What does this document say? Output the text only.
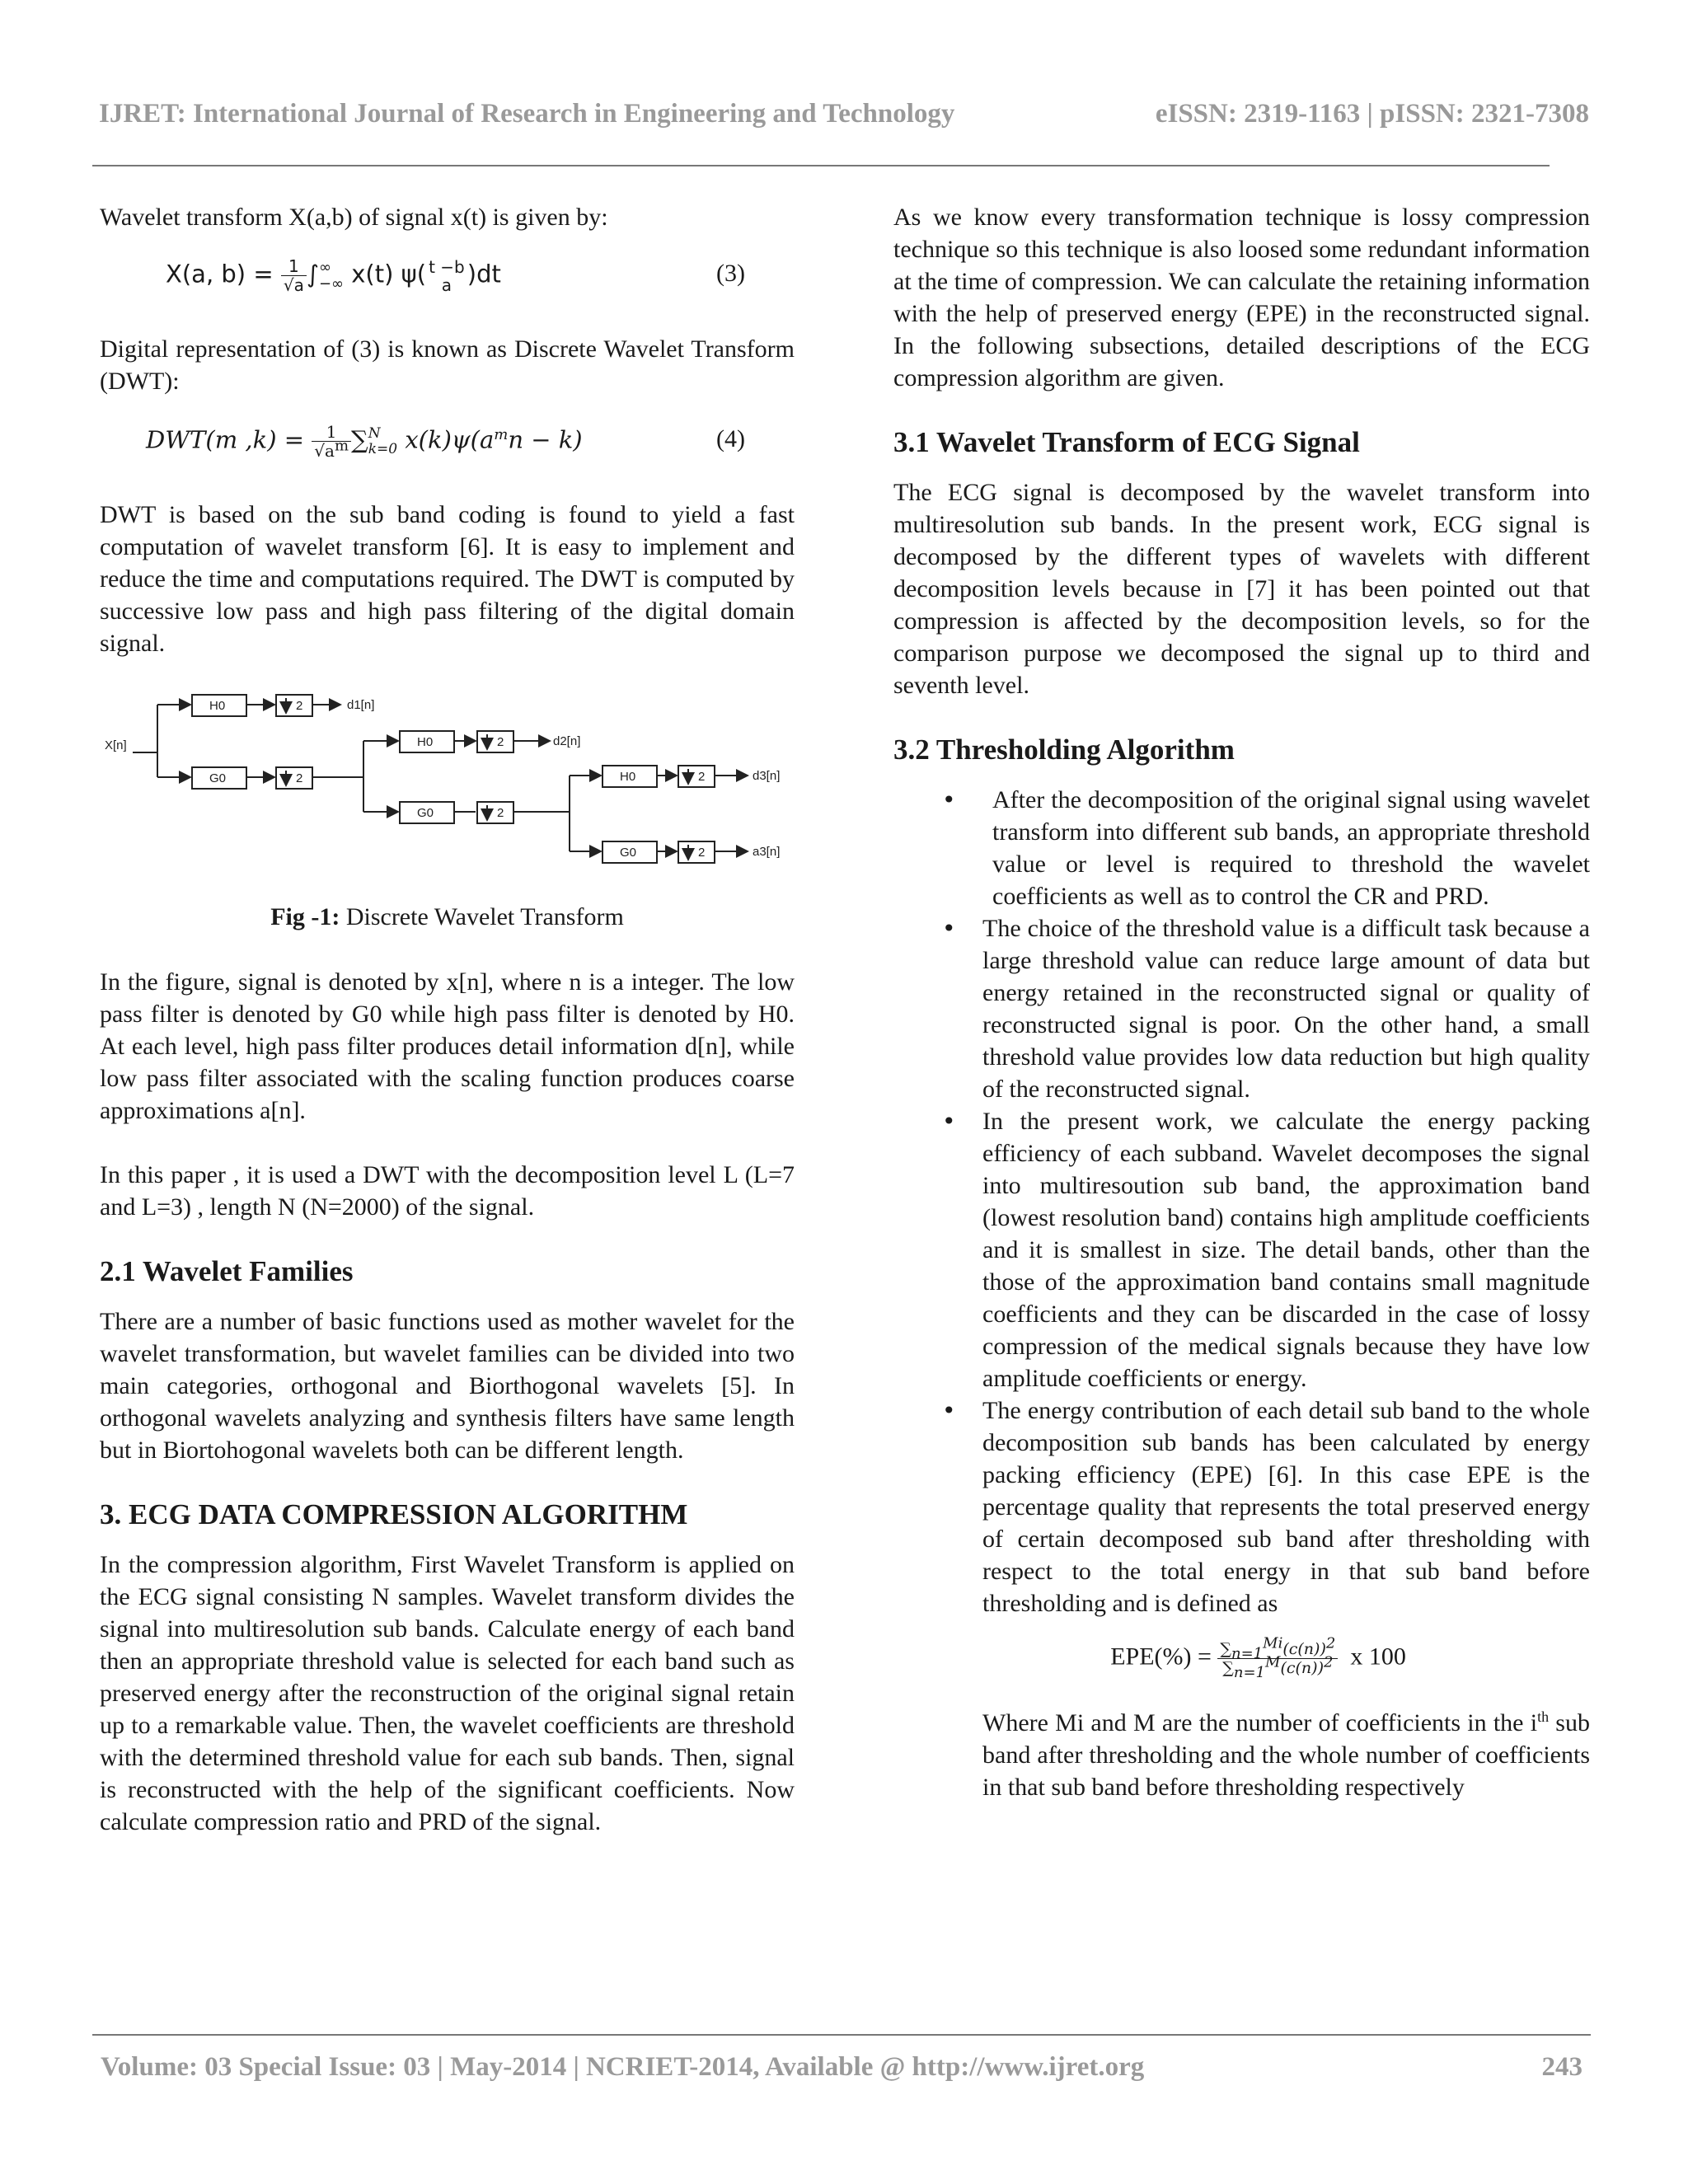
IJRET: International Journal of Research in Engineering and Technology	eISSN: 2319-1163 | pISSN: 2321-7308

Wavelet transform X(a,b) of signal x(t) is given by:

X(a, $b) = \frac{1}{√a}$ ∫ ∞
−∞ x(t) ψ( t −b
a )dt	(3)

Digital representation of (3) is known as Discrete Wavelet Transform (DWT):

DWT(m $,k) = \frac{1}{√a^m}$ ∑ N
k=0 $x(k)\psi(a^mn - k)$	(4)

DWT is based on the sub band coding is found to yield a fast computation of wavelet transform [6]. It is easy to implement and reduce the time and computations required. The DWT is computed by successive low pass and high pass filtering of the digital domain signal.

X[n]
H0
G0
H0
G0
H0
G0
2
2
2
2
2
2
d1[n]
d2[n]
d3[n]
a3[n]
Fig -1: Discrete Wavelet Transform

In the figure, signal is denoted by x[n], where n is a integer. The low pass filter is denoted by G0 while high pass filter is denoted by H0. At each level, high pass filter produces detail information d[n], while low pass filter associated with the scaling function produces coarse approximations a[n].

In this paper , it is used a DWT with the decomposition level L (L=7 and L=3) , length N (N=2000) of the signal.

2.1 Wavelet Families

There are a number of basic functions used as mother wavelet for the wavelet transformation, but wavelet families can be divided into two main categories, orthogonal and Biorthogonal wavelets [5]. In orthogonal wavelets analyzing and synthesis filters have same length but in Biortohogonal wavelets both can be different length.

3. ECG DATA COMPRESSION ALGORITHM

In the compression algorithm, First Wavelet Transform is applied on the ECG signal consisting N samples. Wavelet transform divides the signal into multiresolution sub bands. Calculate energy of each band then an appropriate threshold value is selected for each band such as preserved energy after the reconstruction of the original signal retain up to a remarkable value. Then, the wavelet coefficients are threshold with the determined threshold value for each sub bands. Then, signal is reconstructed with the help of the significant coefficients. Now calculate compression ratio and PRD of the signal.

As we know every transformation technique is lossy compression technique so this technique is also loosed some redundant information at the time of compression. We can calculate the retaining information with the help of preserved energy (EPE) in the reconstructed signal. In the following subsections, detailed descriptions of the ECG compression algorithm are given.

3.1 Wavelet Transform of ECG Signal

The ECG signal is decomposed by the wavelet transform into multiresolution sub bands. In the present work, ECG signal is decomposed by the different types of wavelets with different decomposition levels because in [7] it has been pointed out that compression is affected by the decomposition levels, so for the comparison purpose we decomposed the signal up to third and seventh level.

3.2 Thresholding Algorithm
• After the decomposition of the original signal using wavelet transform into different sub bands, an appropriate threshold value or level is required to threshold the wavelet coefficients as well as to control the CR and PRD.
• The choice of the threshold value is a difficult task because a large threshold value can reduce large amount of data but energy retained in the reconstructed signal or quality of reconstructed signal is poor. On the other hand, a small threshold value provides low data reduction but high quality of the reconstructed signal.
• In the present work, we calculate the energy packing efficiency of each subband. Wavelet decomposes the signal into multiresoution sub band, the approximation band (lowest resolution band) contains high amplitude coefficients and it is smallest in size. The detail bands, other than the those of the approximation band contains small magnitude coefficients and they can be discarded in the case of lossy compression of the medical signals because they have low amplitude coefficients or energy.
• The energy contribution of each detail sub band to the whole decomposition sub bands has been calculated by energy packing efficiency (EPE) [6]. In this case EPE is the percentage quality that represents the total preserved energy of certain decomposed sub band after thresholding with respect to the total energy in that sub band before thresholding and is defined as
$EPE(\%) = \frac{\sum_{n=1}^{Mi}(c(n))^2}{\sum_{n=1}^M(c(n))^2}$ x 100

Where Mi and M are the number of coefficients in the $i^{th}$ sub band after thresholding and the whole number of coefficients in that sub band before thresholding respectively

Volume: 03 Special Issue: 03 | May-2014 | NCRIET-2014, Available @ http://www.ijret.org	243
